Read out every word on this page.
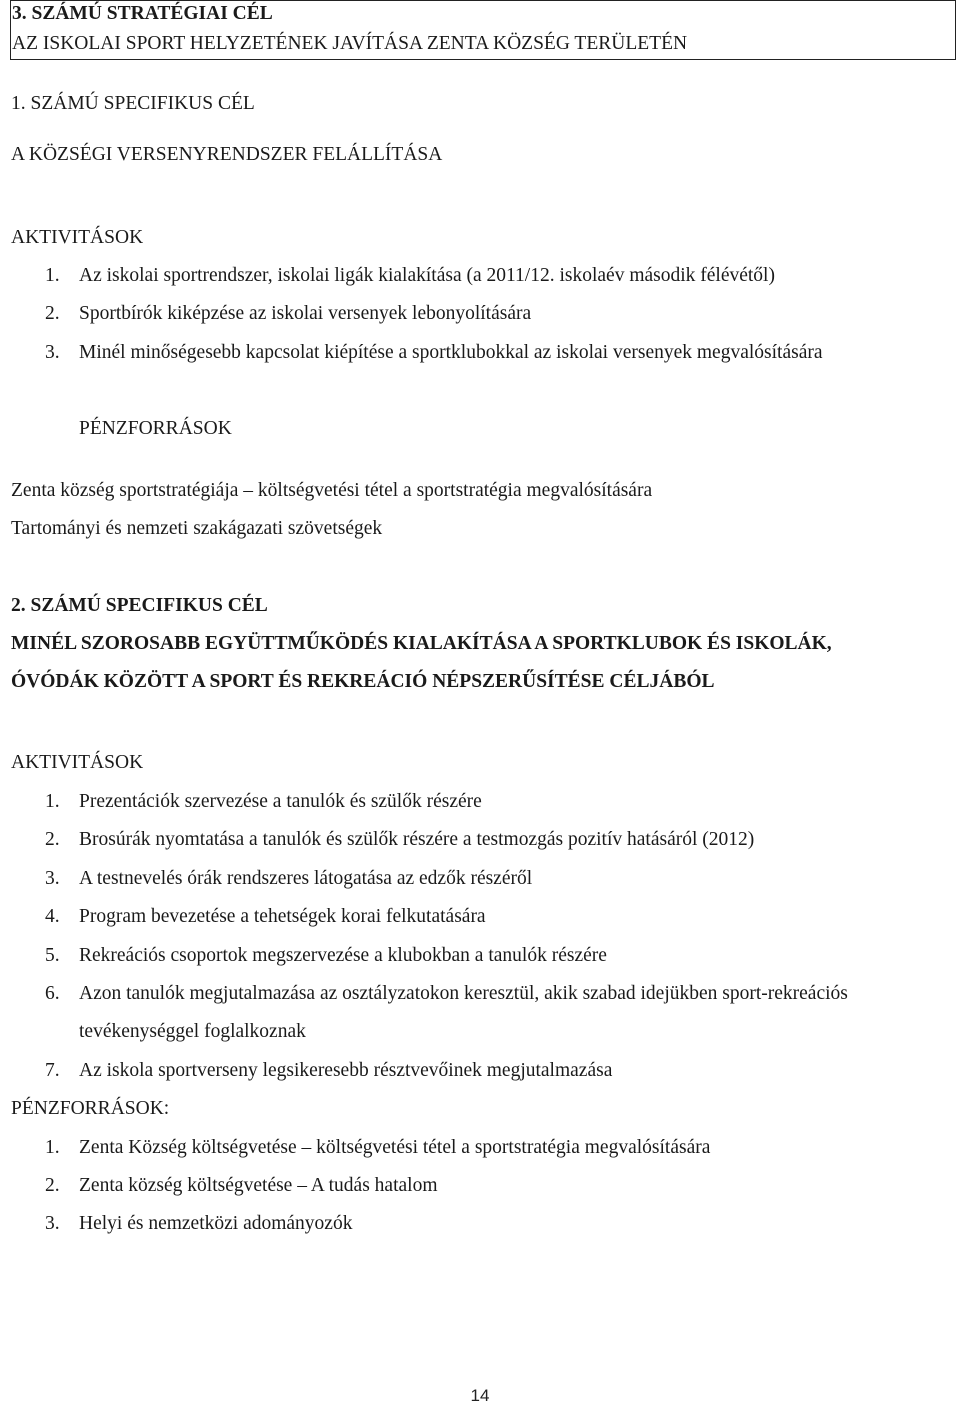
3. SZÁMÚ STRATÉGIAI CÉL
AZ ISKOLAI SPORT HELYZETÉNEK JAVÍTÁSA ZENTA KÖZSÉG TERÜLETÉN
1. SZÁMÚ SPECIFIKUS CÉL
A KÖZSÉGI VERSENYRENDSZER FELÁLLÍTÁSA
AKTIVITÁSOK
1. Az iskolai sportrendszer, iskolai ligák kialakítása (a 2011/12. iskolaév második félévétől)
2. Sportbírók kiképzése az iskolai versenyek lebonyolítására
3. Minél minőségesebb kapcsolat kiépítése a sportklubokkal az iskolai versenyek megvalósítására
PÉNZFORRÁSOK
Zenta község sportstratégiája – költségvetési tétel a sportstratégia megvalósítására
Tartományi és nemzeti szakágazati szövetségek
2. SZÁMÚ SPECIFIKUS CÉL
MINÉL SZOROSABB EGYÜTTMŰKÖDÉS KIALAKÍTÁSA A SPORTKLUBOK ÉS ISKOLÁK,
ÓVÓDÁK KÖZÖTT A SPORT ÉS REKREÁCIÓ NÉPSZERŰSÍTÉSE CÉLJÁBÓL
AKTIVITÁSOK
1. Prezentációk szervezése a tanulók és szülők részére
2. Brosúrák nyomtatása a tanulók és szülők részére a testmozgás pozitív hatásáról (2012)
3. A testnevelés órák rendszeres látogatása az edzők részéről
4. Program bevezetése a tehetségek korai felkutatására
5. Rekreációs csoportok megszervezése a klubokban a tanulók részére
6. Azon tanulók megjutalmazása az osztályzatokon keresztül, akik szabad idejükben sport-rekreációs
tevékenységgel foglalkoznak
7. Az iskola sportverseny legsikeresebb résztvevőinek megjutalmazása
PÉNZFORRÁSOK:
1. Zenta Község költségvetése – költségvetési tétel a sportstratégia megvalósítására
2. Zenta község költségvetése – A tudás hatalom
3. Helyi és nemzetközi adományozók
14
